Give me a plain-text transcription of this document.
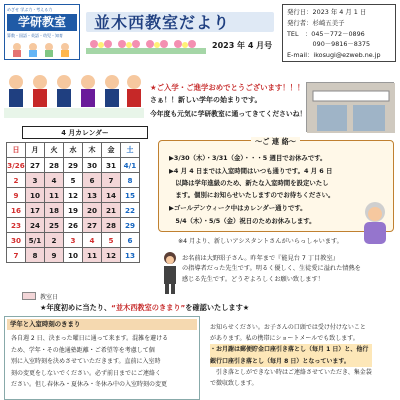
めざせ 学ぶ力・考える力
学研教室
算数・国語・英語・幼児・知育
並木西教室だより
2023 年 4 月号
発行日：2023 年 4 月 1 日
発行者：杉崎五美子
TEL　：045－772－0896
　　　　090－9816－8375
E-mail：ikosugi@ezweb.ne.jp
★ご入学・ご進学おめでとうございます！！！
さぁ！！新しい学年の始まりです。
今年度も元気に学研教室に通ってきてくださいね！
4 月カレンダー
日	月	火	水	木	金	土
3/26	27	28	29	30	31	4/1
2	3	4	5	6	7	8
9	10	11	12	13	14	15
16	17	18	19	20	21	22
23	24	25	26	27	28	29
30	5/1	2	3	4	5	6
7	8	9	10	11	12	13
教室日
～ご 連 絡～
▶3/30（木）・3/31（金）・・・5 週目でお休みです。
▶4 月 4 日までは入室時間はいつも通りです。4 月 6 日
　以降は学年進級のため、新たな入室時間を設定いたし
　ます。個別にお知らせいたしますのでお待ちください。
▶ゴールデンウィーク中はカレンダー通りです。
　5/4（木）・5/5（金）祝日のためお休みします。
※4 月より、新しいアシスタントさんがいらっしゃいます。
お名前は大野昭子さん。昨年まで『能見台 7 丁目教室』
の指導者だった先生です。明るく優しく、生徒愛に溢れた情熱を
感じる先生です。どうぞよろしくお願い致します！
★年度初めに当たり、“並木西教室のきまり”を確認いたします★
学年と入室時刻のきまり
各自週 2 日、決まった曜日に通って来ます。混雑を避ける
ため、学年・その他通塾距離・ご希望等を考慮して個
別に入室時刻を決めさせていただきます。直前に入室時
刻の変更をしないでください。必ず前日までにご連絡く
ださい。但し春休み・夏休み・冬休み中の入室時刻の変更
お知らせください。お子さんの口頭では受け付けないこと
があります。私の携帯にショートメールでも致します。
・お月謝は郵便貯金口座引き落とし（毎月 1 日）と、他行
銀行口座引き落とし（毎月 8 日）となっています。
　引き落としができない時はご連絡させていただき、集金袋
で徴収致します。
